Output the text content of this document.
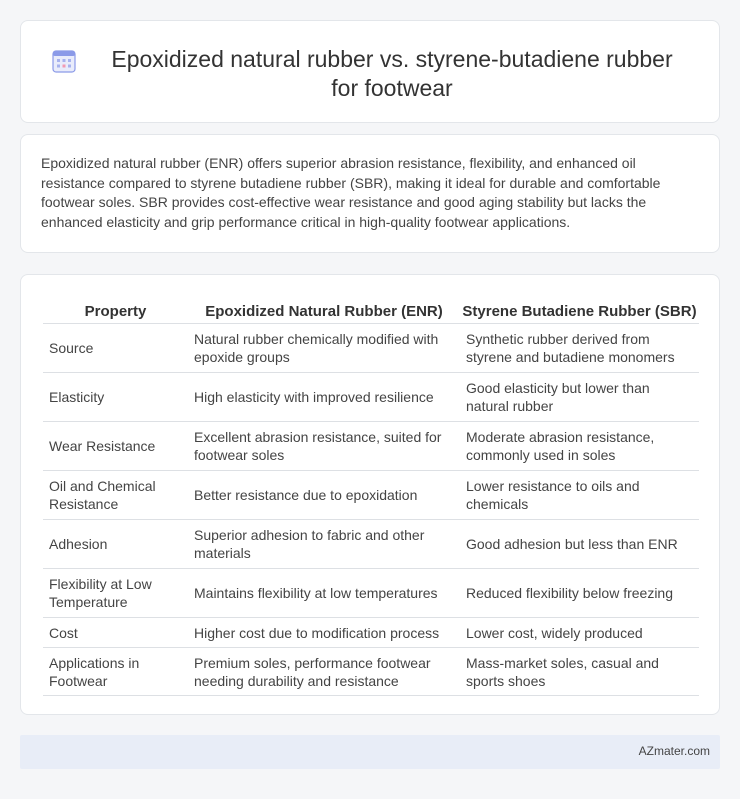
Epoxidized natural rubber vs. styrene-butadiene rubber for footwear

Epoxidized natural rubber (ENR) offers superior abrasion resistance, flexibility, and enhanced oil resistance compared to styrene butadiene rubber (SBR), making it ideal for durable and comfortable footwear soles. SBR provides cost-effective wear resistance and good aging stability but lacks the enhanced elasticity and grip performance critical in high-quality footwear applications.

Property	Epoxidized Natural Rubber (ENR)	Styrene Butadiene Rubber (SBR)
Source	Natural rubber chemically modified with epoxide groups	Synthetic rubber derived from styrene and butadiene monomers
Elasticity	High elasticity with improved resilience	Good elasticity but lower than natural rubber
Wear Resistance	Excellent abrasion resistance, suited for footwear soles	Moderate abrasion resistance, commonly used in soles
Oil and Chemical Resistance	Better resistance due to epoxidation	Lower resistance to oils and chemicals
Adhesion	Superior adhesion to fabric and other materials	Good adhesion but less than ENR
Flexibility at Low Temperature	Maintains flexibility at low temperatures	Reduced flexibility below freezing
Cost	Higher cost due to modification process	Lower cost, widely produced
Applications in Footwear	Premium soles, performance footwear needing durability and resistance	Mass-market soles, casual and sports shoes
AZmater.com
